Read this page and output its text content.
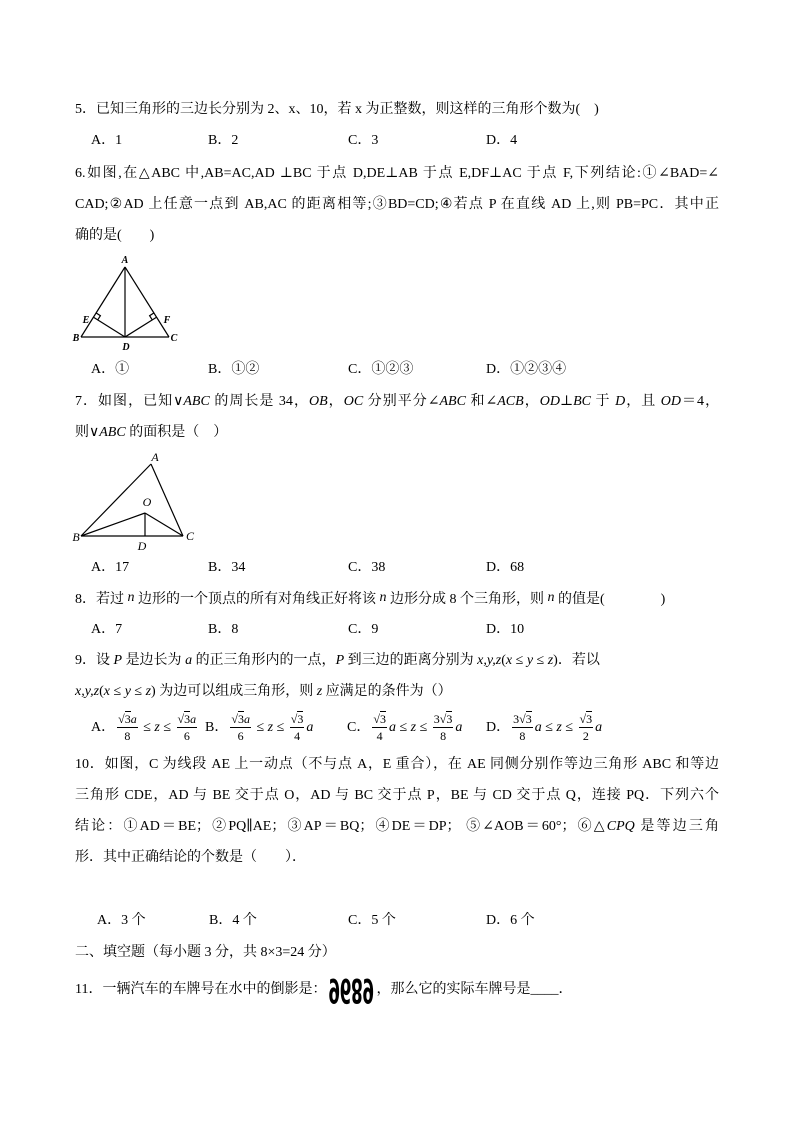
5．已知三角形的三边长分别为 2、x、10，若 x 为正整数，则这样的三角形个数为(　)
A．1	B．2	C．3	D．4
6.如图,在△ABC 中,AB=AC,AD ⊥BC 于点 D,DE⊥AB 于点 E,DF⊥AC 于点 F,下列结论:①∠BAD=∠
CAD;②AD 上任意一点到 AB,AC 的距离相等;③BD=CD;④若点 P 在直线 AD 上,则 PB=PC．其中正
确的是(　　)
A
B	C
D
E	F
A．①	B．①②	C．①②③	D．①②③④
7．如图，已知∨ABC 的周长是 34，OB，OC 分别平分∠ABC 和∠ACB，OD⊥BC 于 D，且 OD＝4，
则∨ABC 的面积是（　）
A
B	C
O
D
A．17	B．34	C．38	D．68
8．若过 n 边形的一个顶点的所有对角线正好将该 n 边形分成 8 个三角形，则 n 的值是(　　　　)
A．7	B．8	C．9	D．10
9．设 P 是边长为 a 的正三角形内的一点，P 到三边的距离分别为 x,y,z(x ≤ y ≤ z)．若以
x,y,z(x ≤ y ≤ z) 为边可以组成三角形，则 z 应满足的条件为（）
A． $\frac{√3a}{8} \le z \le \frac{√3a}{6}$ B． $\frac{√3a}{6} \le z \le \frac{√3}{4}$ a C． $\frac{√3}{4}$ $a \le z \le \frac{3√3}{8}$ a D． $\frac{3√3}{8}$ $a \le z \le \frac{√3}{2}$ a
10．如图，C 为线段 AE 上一动点（不与点 A，E 重合），在 AE 同侧分别作等边三角形 ABC 和等边
三角形 CDE，AD 与 BE 交于点 O，AD 与 BC 交于点 P，BE 与 CD 交于点 Q，连接 PQ．下列六个
结论：①AD＝BE；②PQ∥AE；③AP＝BQ；④DE＝DP； ⑤∠AOB＝60°；⑥△CPQ 是等边三角
形．其中正确结论的个数是（　　）．
A．3 个	B．4 个	C．5 个	D．6 个
二、填空题（每小题 3 分，共 8×3=24 分）
11．一辆汽车的车牌号在水中的倒影是： 9689 ，那么它的实际车牌号是____．
